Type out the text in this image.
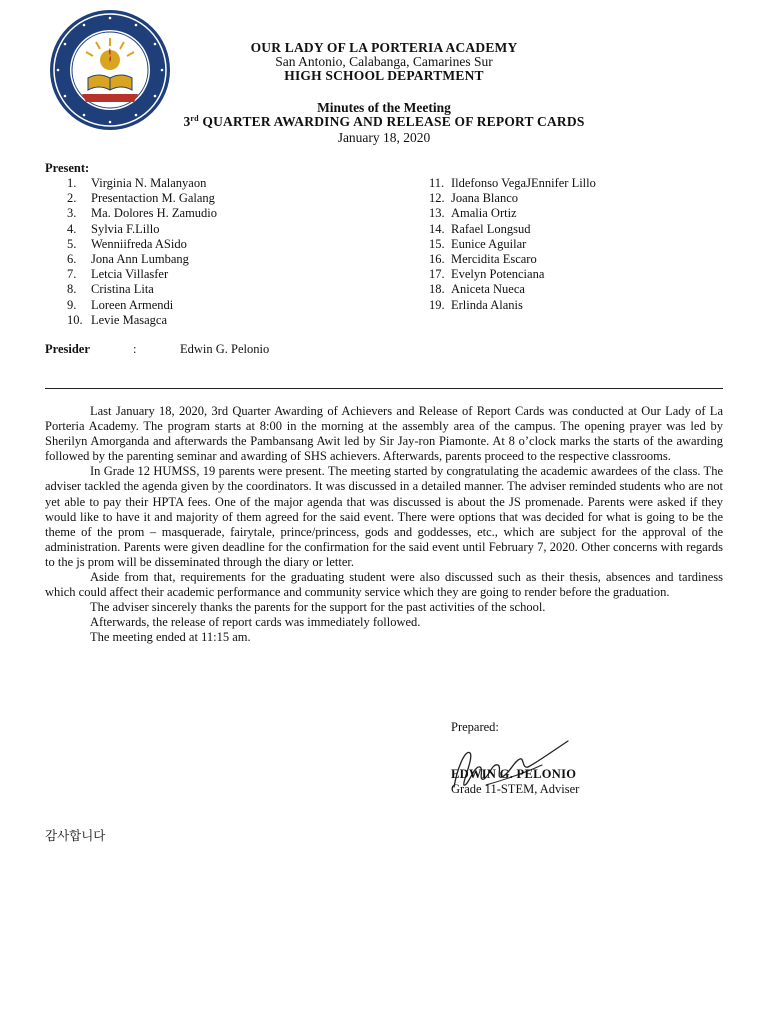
OUR LADY OF LA PORTERIA ACADEMY
San Antonio, Calabanga, Camarines Sur
HIGH SCHOOL DEPARTMENT
Minutes of the Meeting
3rd QUARTER AWARDING AND RELEASE OF REPORT CARDS
January 18, 2020
Present:
1. Virginia N. Malanyaon
2. Presentaction M. Galang
3. Ma. Dolores H. Zamudio
4. Sylvia F.Lillo
5. Wenniifreda ASido
6. Jona Ann Lumbang
7. Letcia Villasfer
8. Cristina Lita
9. Loreen Armendi
10. Levie Masagca
11. Ildefonso VegaJEnnifer Lillo
12. Joana Blanco
13. Amalia Ortiz
14. Rafael Longsud
15. Eunice Aguilar
16. Mercidita Escaro
17. Evelyn Potenciana
18. Aniceta Nueca
19. Erlinda Alanis
Presider	:	Edwin G. Pelonio

Last January 18, 2020, 3rd Quarter Awarding of Achievers and Release of Report Cards was conducted at Our Lady of La Porteria Academy. The program starts at 8:00 in the morning at the assembly area of the campus. The opening prayer was led by Sherilyn Amorganda and afterwards the Pambansang Awit led by Sir Jay-ron Piamonte. At 8 o’clock marks the starts of the awarding followed by the parenting seminar and awarding of SHS achievers. Afterwards, parents proceed to the respective classrooms.

In Grade 12 HUMSS, 19 parents were present. The meeting started by congratulating the academic awardees of the class. The adviser tackled the agenda given by the coordinators. It was discussed in a detailed manner. The adviser reminded students who are not yet able to pay their HPTA fees. One of the major agenda that was discussed is about the JS promenade. Parents were asked if they would like to have it and majority of them agreed for the said event. There were options that was decided for what is going to be the theme of the prom – masquerade, fairytale, prince/princess, gods and goddesses, etc., which are subject for the approval of the administration. Parents were given deadline for the confirmation for the said event until February 7, 2020. Other concerns with regards to the js prom will be disseminated through the diary or letter.

Aside from that, requirements for the graduating student were also discussed such as their thesis, absences and tardiness which could affect their academic performance and community service which they are going to render before the graduation.

The adviser sincerely thanks the parents for the support for the past activities of the school.

Afterwards, the release of report cards was immediately followed.

The meeting ended at 11:15 am.

Prepared:
EDWIN G. PELONIO
Grade 11-STEM, Adviser
감사합니다
